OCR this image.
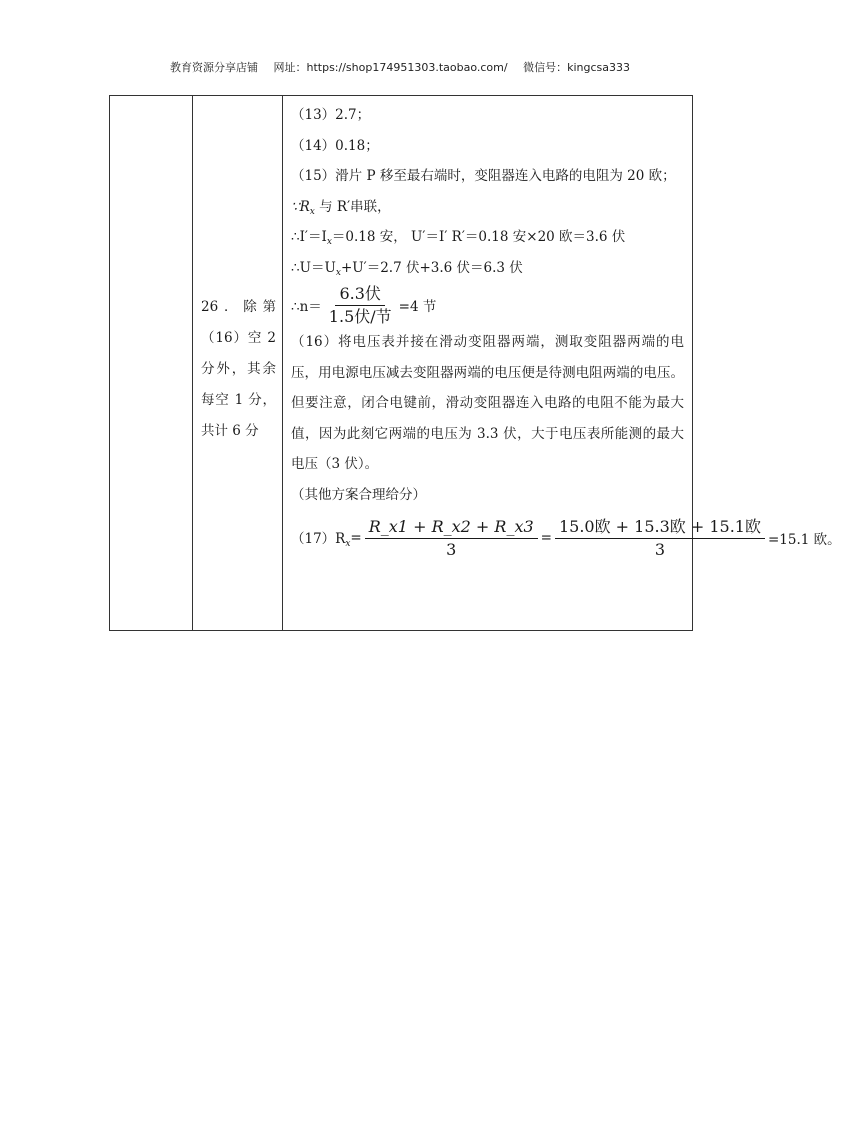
教育资源分享店铺 网址：https://shop174951303.taobao.com/ 微信号：kingcsa333

26．除第（16）空 2 分外，其余每空 1 分，共计 6 分

（13）2.7；
（14）0.18；
（15）滑片 P 移至最右端时，变阻器连入电路的电阻为 20 欧；
$\because R_x$ 与 R′串联，
$\therefore I'=I_x=0.18$ 安， U′＝I′ R′＝0.18 安×20 欧＝3.6 伏
$\therefore U=U_x+U'=2.7$ 伏+3.6 伏＝6.3 伏
∴n＝ $\frac{\text{6.3伏}}{\text{1.5伏/节}} =4$ 节
（16）将电压表并接在滑动变阻器两端，测取变阻器两端的电压，用电源电压减去变阻器两端的电压便是待测电阻两端的电压。但要注意，闭合电键前，滑动变阻器连入电路的电阻不能为最大值，因为此刻它两端的电压为 3.3 伏，大于电压表所能测的最大电压（3 伏）。
（其他方案合理给分）
$(17)R_x = \frac{R\_x1 + R\_x2 + R\_x3}{3} = \frac{\text{15.0欧 + 15.3欧 + 15.1欧}}{3} =15.1$ 欧。
